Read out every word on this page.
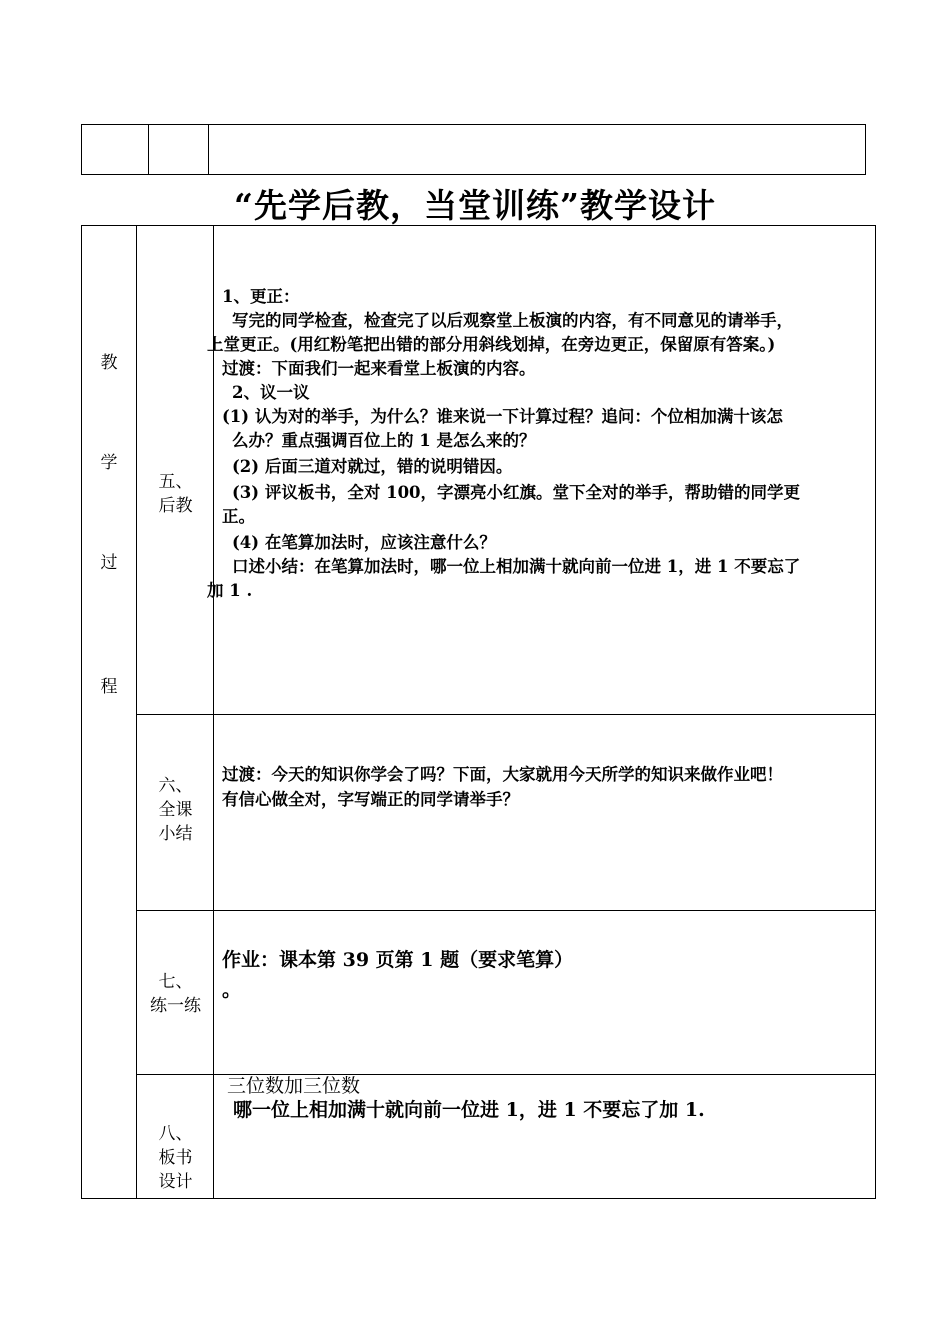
“先学后教，当堂训练”教学设计
教
学
过
程
五、
后教
1、更正：
写完的同学检查，检查完了以后观察堂上板演的内容，有不同意见的请举手，
上堂更正。(用红粉笔把出错的部分用斜线划掉，在旁边更正，保留原有答案。)
过渡：下面我们一起来看堂上板演的内容。
2、议一议
(1) 认为对的举手，为什么？谁来说一下计算过程？追问：个位相加满十该怎
么办？重点强调百位上的 1 是怎么来的？
(2) 后面三道对就过，错的说明错因。
(3) 评议板书，全对 100，字漂亮小红旗。堂下全对的举手，帮助错的同学更
正。
(4) 在笔算加法时，应该注意什么？
口述小结：在笔算加法时，哪一位上相加满十就向前一位进 1，进 1 不要忘了
加 1 .
六、
全课
小结
过渡：今天的知识你学会了吗？下面，大家就用今天所学的知识来做作业吧！
有信心做全对，字写端正的同学请举手？
七、
练一练
作业：课本第 39 页第 1 题（要求笔算）
。
八、
板书
设计
三位数加三位数
哪一位上相加满十就向前一位进 1，进 1 不要忘了加 1.
